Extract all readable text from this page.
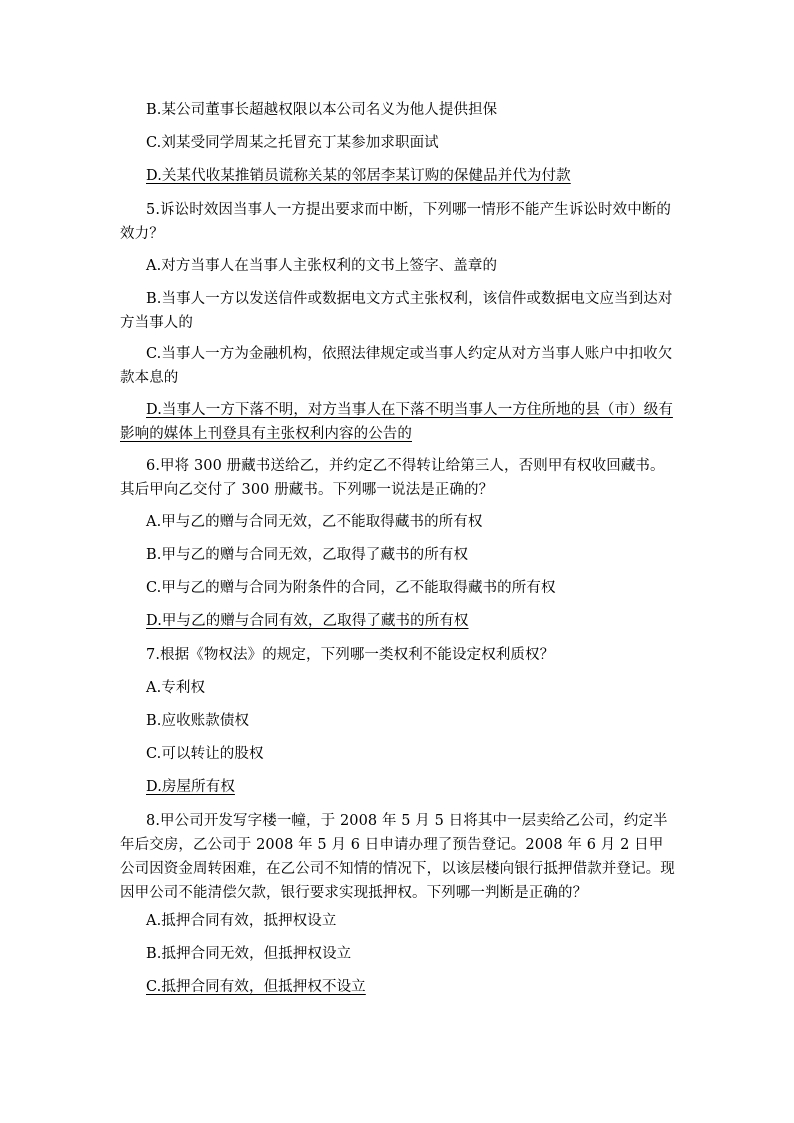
B.某公司董事长超越权限以本公司名义为他人提供担保
C.刘某受同学周某之托冒充丁某参加求职面试
D.关某代收某推销员谎称关某的邻居李某订购的保健品并代为付款
5.诉讼时效因当事人一方提出要求而中断，下列哪一情形不能产生诉讼时效中断的效力？
A.对方当事人在当事人主张权利的文书上签字、盖章的
B.当事人一方以发送信件或数据电文方式主张权利，该信件或数据电文应当到达对方当事人的
C.当事人一方为金融机构，依照法律规定或当事人约定从对方当事人账户中扣收欠款本息的
D.当事人一方下落不明，对方当事人在下落不明当事人一方住所地的县（市）级有影响的媒体上刊登具有主张权利内容的公告的
6.甲将 300 册藏书送给乙，并约定乙不得转让给第三人，否则甲有权收回藏书。其后甲向乙交付了 300 册藏书。下列哪一说法是正确的？
A.甲与乙的赠与合同无效，乙不能取得藏书的所有权
B.甲与乙的赠与合同无效，乙取得了藏书的所有权
C.甲与乙的赠与合同为附条件的合同，乙不能取得藏书的所有权
D.甲与乙的赠与合同有效，乙取得了藏书的所有权
7.根据《物权法》的规定，下列哪一类权利不能设定权利质权？
A.专利权
B.应收账款债权
C.可以转让的股权
D.房屋所有权
8.甲公司开发写字楼一幢，于 2008 年 5 月 5 日将其中一层卖给乙公司，约定半年后交房，乙公司于 2008 年 5 月 6 日申请办理了预告登记。2008 年 6 月 2 日甲公司因资金周转困难，在乙公司不知情的情况下，以该层楼向银行抵押借款并登记。现因甲公司不能清偿欠款，银行要求实现抵押权。下列哪一判断是正确的？
A.抵押合同有效，抵押权设立
B.抵押合同无效，但抵押权设立
C.抵押合同有效，但抵押权不设立
